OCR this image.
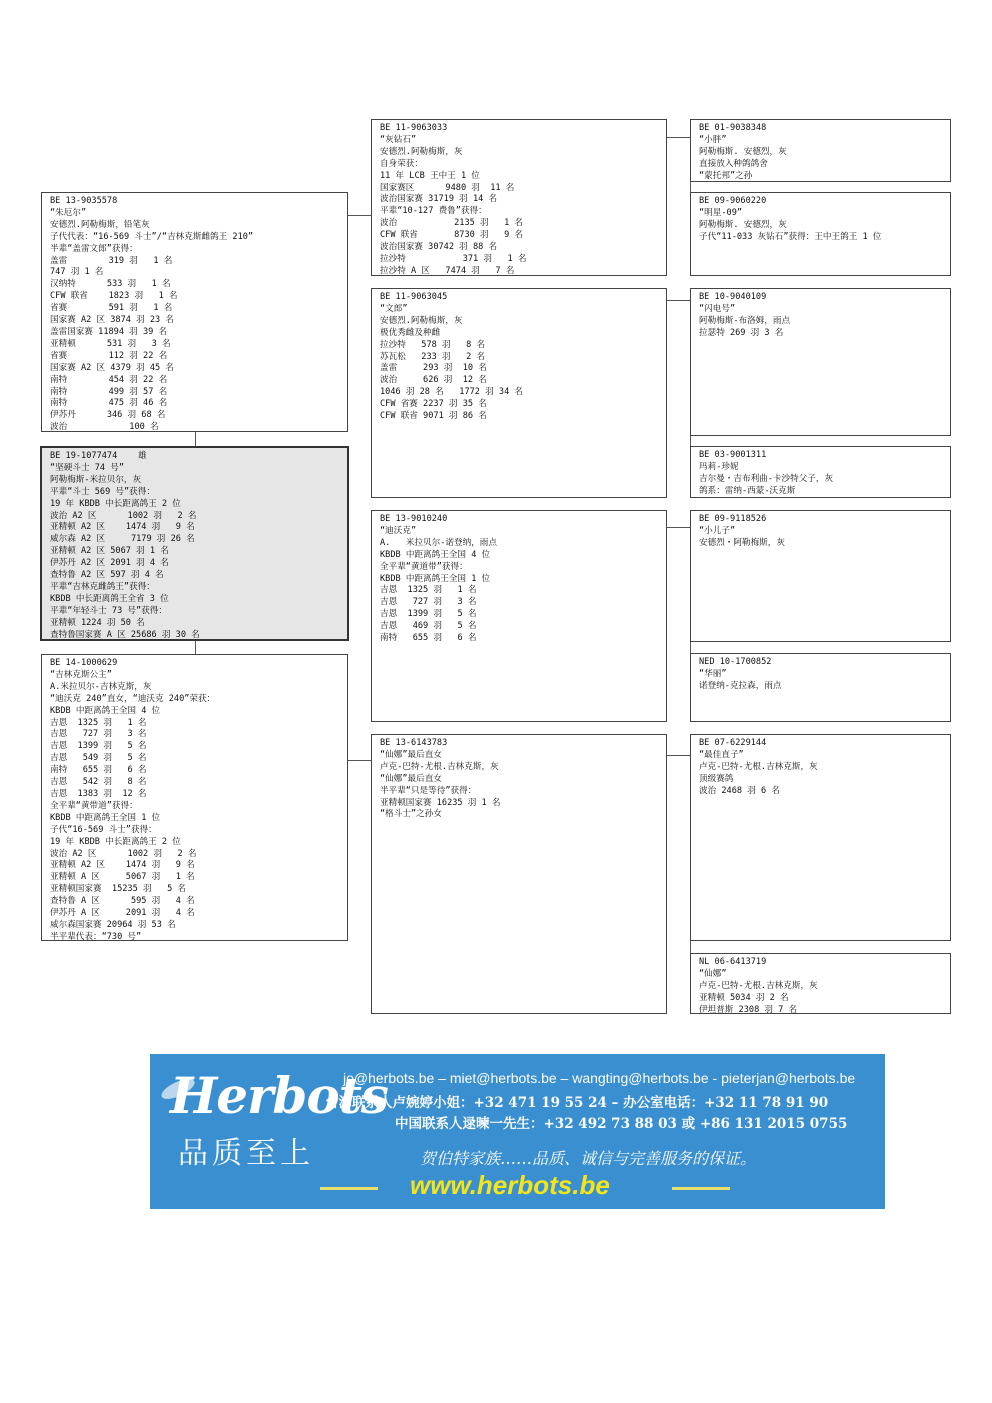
BE 13-9035578
“朱厄尔”
安德烈.阿勒梅斯，铅笔灰
子代代表：“16-569 斗士”/“吉林克斯雌鸽王 210”
半辈“盖雷文郎”获得：
盖雷        319 羽   1 名
747 羽 1 名
汉纳特      533 羽   1 名
CFW 联省    1823 羽   1 名
省赛        591 羽   1 名
国家赛 A2 区 3874 羽 23 名
盖雷国家赛 11894 羽 39 名
亚精顿      531 羽   3 名
省赛        112 羽 22 名
国家赛 A2 区 4379 羽 45 名
南特        454 羽 22 名
南特        499 羽 57 名
南特        475 羽 46 名
伊苏丹      346 羽 68 名
波治            100 名
BE 19-1077474    雄
“坚硬斗士 74 号”
阿勒梅斯-米拉贝尔，灰
平辈“斗士 569 号”获得：
19 年 KBDB 中长距离鸽王 2 位
波治 A2 区      1002 羽   2 名
亚精顿 A2 区    1474 羽   9 名
威尔森 A2 区     7179 羽 26 名
亚精顿 A2 区 5067 羽 1 名
伊苏丹 A2 区 2091 羽 4 名
查特鲁 A2 区 597 羽 4 名
平辈“吉林克雌鸽王”获得：
KBDB 中长距离鸽王全省 3 位
平辈“年轻斗士 73 号”获得：
亚精顿 1224 羽 50 名
查特鲁国家赛 A 区 25686 羽 30 名
BE 14-1000629
“吉林克斯公主”
A.米拉贝尔-吉林克斯，灰
“迪沃克 240”直女，“迪沃克 240”荣获：
KBDB 中距离鸽王全国 4 位
吉恩  1325 羽   1 名
吉恩   727 羽   3 名
吉恩  1399 羽   5 名
吉恩   549 羽   5 名
南特   655 羽   6 名
吉恩   542 羽   8 名
吉恩  1383 羽  12 名
全平辈“黄带道”获得：
KBDB 中距离鸽王全国 1 位
子代“16-569 斗士”获得：
19 年 KBDB 中长距离鸽王 2 位
波治 A2 区      1002 羽   2 名
亚精顿 A2 区    1474 羽   9 名
亚精顿 A 区     5067 羽   1 名
亚精顿国家赛  15235 羽   5 名
查特鲁 A 区      595 羽   4 名
伊苏丹 A 区     2091 羽   4 名
威尔森国家赛 20964 羽 53 名
半平辈代表：“730 号”
BE 11-9063033
“灰钻石”
安德烈.阿勒梅斯，灰
自身荣获：
11 年 LCB 王中王 1 位
国家赛区      9480 羽  11 名
波治国家赛 31719 羽 14 名
平辈“10-127 费鲁”获得：
波治           2135 羽   1 名
CFW 联省       8730 羽   9 名
波治国家赛 30742 羽 88 名
拉沙特           371 羽   1 名
拉沙特 A 区   7474 羽   7 名
BE 11-9063045
“文郎”
安德烈.阿勒梅斯，灰
极优秀雌及种雌
拉沙特   578 羽   8 名
苏瓦松   233 羽   2 名
盖雷     293 羽  10 名
波治     626 羽  12 名
1046 羽 28 名   1772 羽 34 名
CFW 省赛 2237 羽 35 名
CFW 联省 9071 羽 86 名
BE 13-9010240
“迪沃克”
A.   米拉贝尔-诺登纳，雨点
KBDB 中距离鸽王全国 4 位
全平辈“黄道带”获得：
KBDB 中距离鸽王全国 1 位
吉恩  1325 羽   1 名
吉恩   727 羽   3 名
吉恩  1399 羽   5 名
吉恩   469 羽   5 名
南特   655 羽   6 名
BE 13-6143783
“仙娜”最后直女
卢克-巴特-尤根.吉林克斯，灰
“仙娜”最后直女
半平辈“只是等待”获得：
亚精顿国家赛 16235 羽 1 名
“格斗士”之孙女
BE 01-9038348
“小胖”
阿勒梅斯. 安德烈，灰
直接放入种鸽鸽舍
“蒙托邦”之孙
BE 09-9060220
“明星-09”
阿勒梅斯. 安德烈，灰
子代“11-033 灰钻石”获得：王中王鸽王 1 位
BE 10-9040109
“闪电号”
阿勒梅斯-布洛姆，雨点
拉瑟特 269 羽 3 名
BE 03-9001311
玛莉-珍妮
吉尔曼・吉布利曲-卡沙特父子，灰
鸽系：雷纳-西蒙-沃克斯
BE 09-9118526
“小儿子”
安德烈・阿勒梅斯，灰
NED 10-1700852
“华丽”
诺登纳-克拉森，雨点
BE 07-6229144
“最佳直子”
卢克-巴特-尤根.吉林克斯，灰
顶级赛鸽
波治 2468 羽 6 名
NL 06-6413719
“仙娜”
卢克-巴特-尤根.吉林克斯，灰
亚精顿 5034 羽 2 名
伊坦普斯 2308 羽 7 名
Herbots
品质至上
jo@herbots.be – miet@herbots.be – wangting@herbots.be - pieterjan@herbots.be
台湾联系人卢婉婷小姐：+32 471 19 55 24 – 办公室电话：+32 11 78 91 90
中国联系人逯暕一先生：+32 492 73 88 03 或 +86 131 2015 0755
贺伯特家族……品质、诚信与完善服务的保证。
www.herbots.be
